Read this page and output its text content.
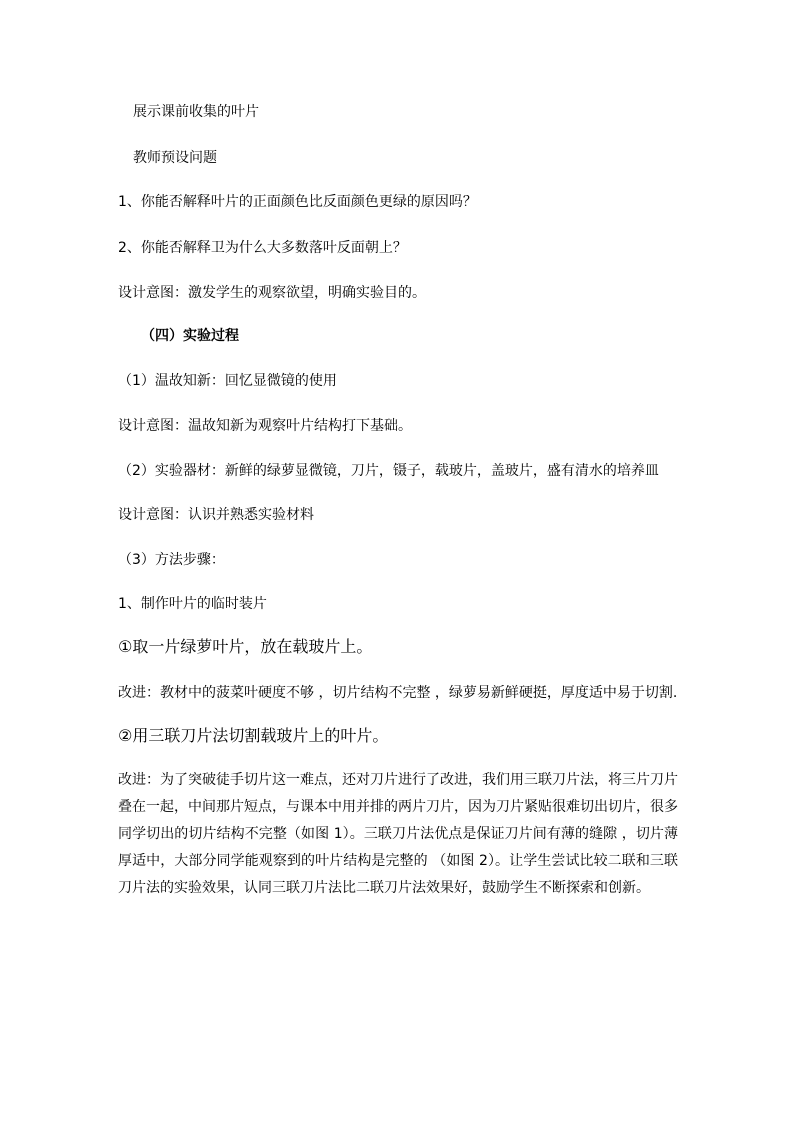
展示课前收集的叶片
教师预设问题
1、你能否解释叶片的正面颜色比反面颜色更绿的原因吗？
2、你能否解释卫为什么大多数落叶反面朝上？
设计意图：激发学生的观察欲望，明确实验目的。
（四）实验过程
（1）温故知新：回忆显微镜的使用
设计意图：温故知新为观察叶片结构打下基础。
（2）实验器材：新鲜的绿萝显微镜，刀片，镊子，载玻片，盖玻片，盛有清水的培养皿
设计意图：认识并熟悉实验材料
（3）方法步骤：
1、制作叶片的临时装片
①取一片绿萝叶片，放在载玻片上。
改进：教材中的菠菜叶硬度不够 ，切片结构不完整 ，绿萝易新鲜硬挺，厚度适中易于切割.
②用三联刀片法切割载玻片上的叶片。
改进：为了突破徒手切片这一难点，还对刀片进行了改进，我们用三联刀片法，将三片刀片叠在一起，中间那片短点，与课本中用并排的两片刀片，因为刀片紧贴很难切出切片，很多同学切出的切片结构不完整（如图 1）。三联刀片法优点是保证刀片间有薄的缝隙 ，切片薄厚适中，大部分同学能观察到的叶片结构是完整的 （如图 2）。让学生尝试比较二联和三联刀片法的实验效果，认同三联刀片法比二联刀片法效果好，鼓励学生不断探索和创新。
